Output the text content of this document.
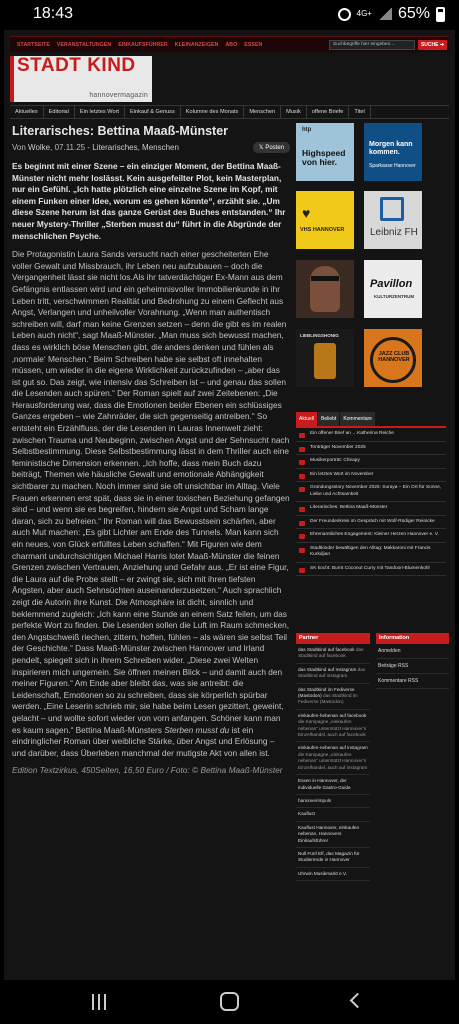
18:43	4G+ 65%
STARTSEITE VERANSTALTUNGEN EINKAUFSFÜHRER KLEINANZEIGEN ABO ESSEN	Suchbegriffe hier eingeben...	SUCHE ➜
STADT KIND
hannovermagazin
Aktuelles	Editorial	Ein letztes Wort	Einkauf & Genuss	Kolumne des Monats	Menschen	Musik	offene Briefe	Titel
Literarisches: Bettina Maaß-Münster
Von Wolke, 07.11.25 - Literarisches, Menschen	𝕏 Posten

Es beginnt mit einer Szene – ein einziger Moment, der Bettina Maaß-Münster nicht mehr loslässt. Kein ausgefeilter Plot, kein Masterplan, nur ein Gefühl. „Ich hatte plötzlich eine einzelne Szene im Kopf, mit einem Funken einer Idee, worum es gehen könnte“, erzählt sie. „Um diese Szene herum ist das ganze Gerüst des Buches entstanden.“ Ihr neuer Mystery-Thriller „Sterben musst du“ führt in die Abgründe der menschlichen Psyche.

Die Protagonistin Laura Sands versucht nach einer gescheiterten Ehe voller Gewalt und Missbrauch, ihr Leben neu aufzubauen – doch die Vergangenheit lässt sie nicht los.Als ihr tatverdächtiger Ex-Mann aus dem Gefängnis entlassen wird und ein geheimnisvoller Immobilienkunde in ihr Leben tritt, verschwimmen Realität und Bedrohung zu einem Geflecht aus Angst, Verlangen und unheilvoller Vorahnung. „Wenn man authentisch schreiben will, darf man keine Grenzen setzen – denn die gibt es im realen Leben auch nicht“, sagt Maaß-Münster. „Man muss sich bewusst machen, dass es wirklich böse Menschen gibt, die anders denken und fühlen als ‚normale‘ Menschen.“ Beim Schreiben habe sie selbst oft innehalten müssen, um wieder in die eigene Wirklichkeit zurückzufinden – „aber das ist gut so. Das zeigt, wie intensiv das Schreiben ist – und genau das sollen die Lesenden auch spüren.“ Der Roman spielt auf zwei Zeitebenen: „Die Herausforderung war, dass die Emotionen beider Ebenen ein schlüssiges Ganzes ergeben – wie Zahnräder, die sich gegenseitig antreiben.“ So entsteht ein Erzählfluss, der die Lesenden in Lauras Innenwelt zieht: zwischen Trauma und Neubeginn, zwischen Angst und der Sehnsucht nach Selbstbestimmung. Diese Selbstbestimmung lässt in dem Thriller auch eine feministische Dimension erkennen. „Ich hoffe, dass mein Buch dazu beiträgt, Themen wie häusliche Gewalt und emotionale Abhängigkeit sichtbarer zu machen. Noch immer sind sie oft unsichtbar im Alltag. Viele Frauen erkennen erst spät, dass sie in einer toxischen Beziehung gefangen sind – und wenn sie es begreifen, hindern sie Angst und Scham lange daran, sich zu befreien.“ Ihr Roman will das Bewusstsein schärfen, aber auch Mut machen: „Es gibt Lichter am Ende des Tunnels. Man kann sich ein neues, von Glück erfülltes Leben schaffen.“ Mit Figuren wie dem charmant undurchsichtigen Michael Harris lotet Maaß-Münster die feinen Grenzen zwischen Vertrauen, Anziehung und Gefahr aus. „Er ist eine Figur, die Laura auf die Probe stellt – er zwingt sie, sich mit ihren tiefsten Ängsten, aber auch Sehnsüchten auseinanderzusetzen.“ Auch sprachlich zeigt die Autorin ihre Kunst. Die Atmosphäre ist dicht, sinnlich und beklemmend zugleich: „Ich kann eine Stunde an einem Satz feilen, um das perfekte Wort zu finden. Die Lesenden sollen die Luft im Raum schmecken, den Angstschweiß riechen, zittern, hoffen, fühlen – als wären sie selbst Teil der Geschichte.“ Dass Maaß-Münster zwischen Hannover und Irland pendelt, spiegelt sich in ihrem Schreiben wider. „Diese zwei Welten inspirieren mich ungemein. Sie öffnen meinen Blick – und damit auch den meiner Figuren.“ Am Ende aber bleibt das, was sie antreibt: die Leidenschaft, Emotionen so zu schreiben, dass sie körperlich spürbar werden. „Eine Leserin schrieb mir, sie habe beim Lesen gezittert, geweint, gelacht – und wollte sofort wieder von vorn anfangen. Schöner kann man es kaum sagen.“ Bettina Maaß-Münsters Sterben musst du ist ein eindringlicher Roman über weibliche Stärke, über Angst und Erlösung – und darüber, dass Überleben manchmal der mutigste Akt von allen ist.

Edition Textzirkus, 450Seiten, 16,50 Euro / Foto: © Bettina Maaß-Münster

htp
Highspeed von hier.
Morgen kann kommen.
Sparkasse Hannover
♥
VHS HANNOVER	Leibniz FH
Pavillon
KULTURZENTRUM
LIEBLINGSHONIG
JAZZ CLUB HANNOVER
Aktuell	Beliebt	Kommentare
Ein offener Brief an …Katherina Reiche
Tonträger November 2025
Musikerporträt: Chirapy
Ein letztes Wort im November
Gründungsstory November 2025: Suraya – Ein Ort für Sonne, Liebe und Achtsamkeit
Literarisches: Bettina Maaß-Münster
Der Freundeskreis im Gespräch mit Wolf-Rüdiger Reinicke
Ehrenamtliches Engagement: Kleiner Herzen Hannover e. V.
Stadtkinder bewältigen den Alltag: Makkaroni mit Francis Kurkdjian
SK kocht: Burnt Coconut Curry mit Tandoori-Blumenkohl
Partner
das Stadtkind auf facebook das Stadtkind auf facebook
das Stadtkind auf Instagram das Stadtkind auf instagram
das Stadtkind im Fediverse (Mastodon) das Stadtkind im Fediverse (Mastodon)
einkaufen-hebenan auf facebook die Kampagne „einkaufen nebenan“ unterstützt Hannover’s Einzelhandel, auch auf facebook
einkaufen-nebenan auf instagram die Kampagne „einkaufen nebenan“ unterstützt Hannover’s Einzelhandel, auch auf instagram
Essen in Hannover, der individuelle Gastro-Guide
hannoverimpuls
Kauflust
Kauflust Hannover, einkaufen nebenan, Hannovers Einkaufsführer
Null Fünf Elf, das Magazin für Studierende in Hannover
Uhrwin Musikmarkt e.V.
Information
Anmelden
Beiträge RSS
Kommentare RSS
